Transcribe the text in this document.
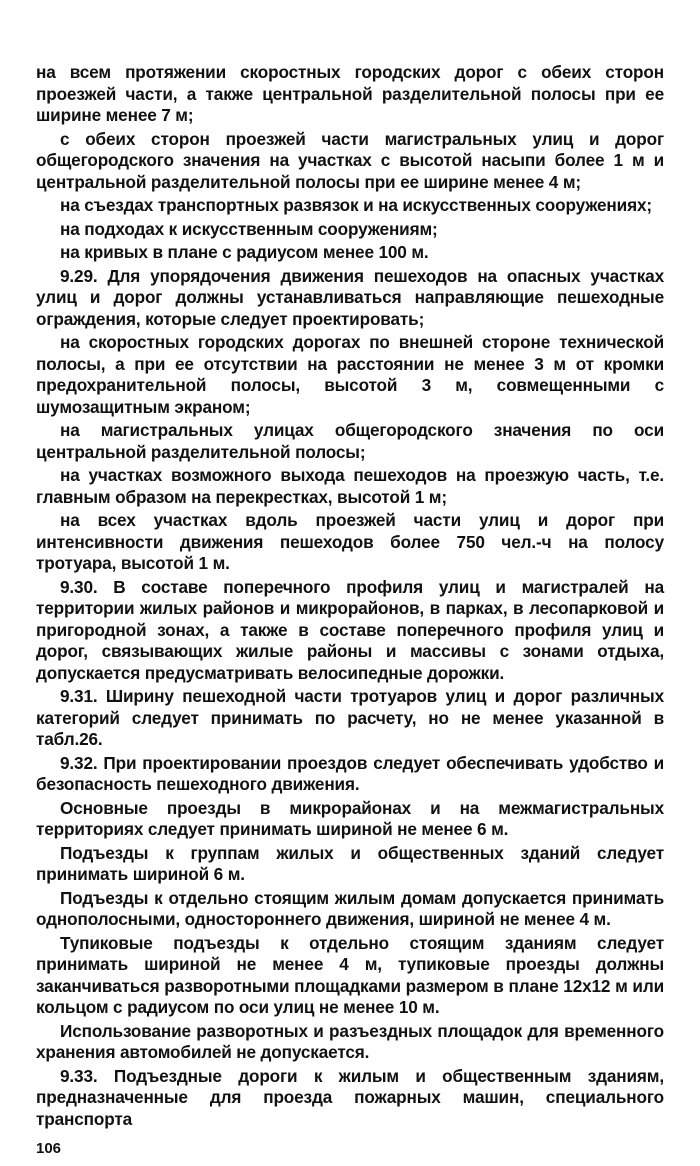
на всем протяжении скоростных городских дорог с обеих сторон проезжей части, а также центральной разделительной полосы при ее ширине менее 7 м;

с обеих сторон проезжей части магистральных улиц и дорог общегородского значения на участках с высотой насыпи более 1 м и центральной разделительной полосы при ее ширине менее 4 м;

на съездах транспортных развязок и на искусственных сооружениях;

на подходах к искусственным сооружениям;

на кривых в плане с радиусом менее 100 м.

9.29. Для упорядочения движения пешеходов на опасных участках улиц и дорог должны устанавливаться направляющие пешеходные ограждения, которые следует проектировать;

на скоростных городских дорогах по внешней стороне технической полосы, а при ее отсутствии на расстоянии не менее 3 м от кромки предохранительной полосы, высотой 3 м, совмещенными с шумозащитным экраном;

на магистральных улицах общегородского значения по оси центральной разделительной полосы;

на участках возможного выхода пешеходов на проезжую часть, т.е. главным образом на перекрестках, высотой 1 м;

на всех участках вдоль проезжей части улиц и дорог при интенсивности движения пешеходов более 750 чел.-ч на полосу тротуара, высотой 1 м.

9.30. В составе поперечного профиля улиц и магистралей на территории жилых районов и микрорайонов, в парках, в лесопарковой и пригородной зонах, а также в составе поперечного профиля улиц и дорог, связывающих жилые районы и массивы с зонами отдыха, допускается предусматривать велосипедные дорожки.

9.31. Ширину пешеходной части тротуаров улиц и дорог различных категорий следует принимать по расчету, но не менее указанной в табл.26.

9.32. При проектировании проездов следует обеспечивать удобство и безопасность пешеходного движения.

Основные проезды в микрорайонах и на межмагистральных территориях следует принимать шириной не менее 6 м.

Подъезды к группам жилых и общественных зданий следует принимать шириной 6 м.

Подъезды к отдельно стоящим жилым домам допускается принимать однополосными, одностороннего движения, шириной не менее 4 м.

Тупиковые подъезды к отдельно стоящим зданиям следует принимать шириной не менее 4 м, тупиковые проезды должны заканчиваться разворотными площадками размером в плане 12х12 м или кольцом с радиусом по оси улиц не менее 10 м.

Использование разворотных и разъездных площадок для временного хранения автомобилей не допускается.

9.33. Подъездные дороги к жилым и общественным зданиям, предназначенные для проезда пожарных машин, специального транспорта

106
